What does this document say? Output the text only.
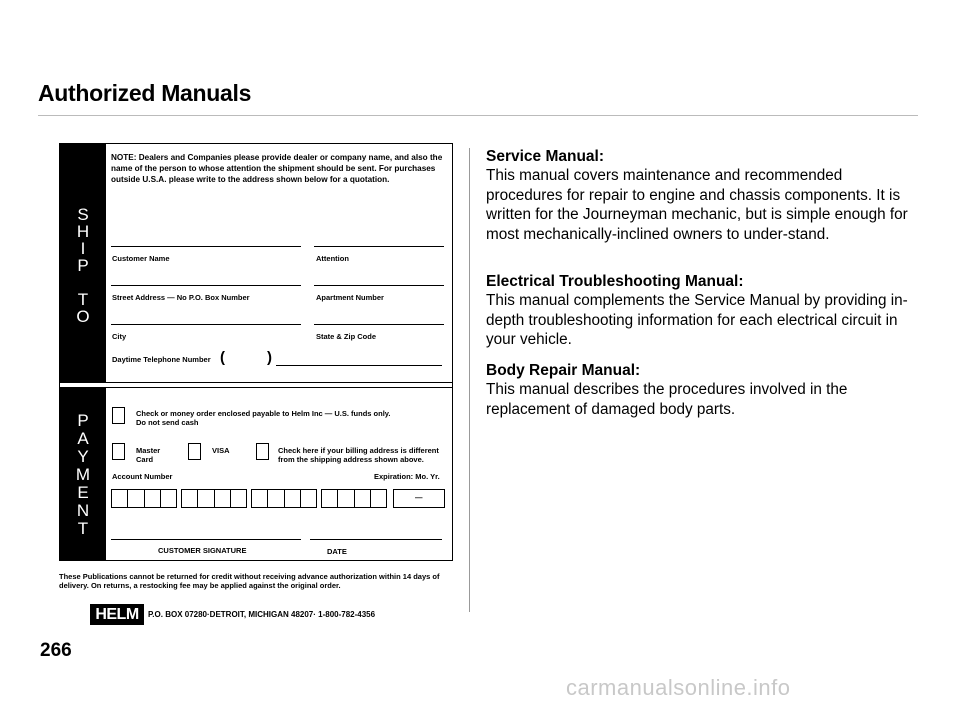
Authorized Manuals
S
H
I
P
T
O
P
A
Y
M
E
N
T
NOTE: Dealers and Companies please provide dealer or company name, and also the name of the person to whose attention the shipment should be sent. For purchases outside U.S.A. please write to the address shown below for a quotation.
Customer Name	Attention
Street Address — No P.O. Box Number	Apartment Number
City	State & Zip Code
Daytime Telephone Number (	)
Check or money order enclosed payable to Helm Inc — U.S. funds only.
Do not send cash
Master Card
VISA	Check here if your billing address is different from the shipping address shown above.
Account Number	Expiration: Mo. Yr.
—
CUSTOMER SIGNATURE	DATE
These Publications cannot be returned for credit without receiving advance authorization within 14 days of delivery. On returns, a restocking fee may be applied against the original order.
HELM	P.O. BOX 07280·DETROIT, MICHIGAN 48207· 1-800-782-4356
266
carmanualsonline.info
Service Manual:
This manual covers maintenance and recommended procedures for repair to engine and chassis components. It is written for the Journeyman mechanic, but is simple enough for most mechanically-inclined owners to under-stand.
Electrical Troubleshooting Manual:
This manual complements the Service Manual by providing in-depth troubleshooting information for each electrical circuit in your vehicle.
Body Repair Manual:
This manual describes the procedures involved in the replacement of damaged body parts.
